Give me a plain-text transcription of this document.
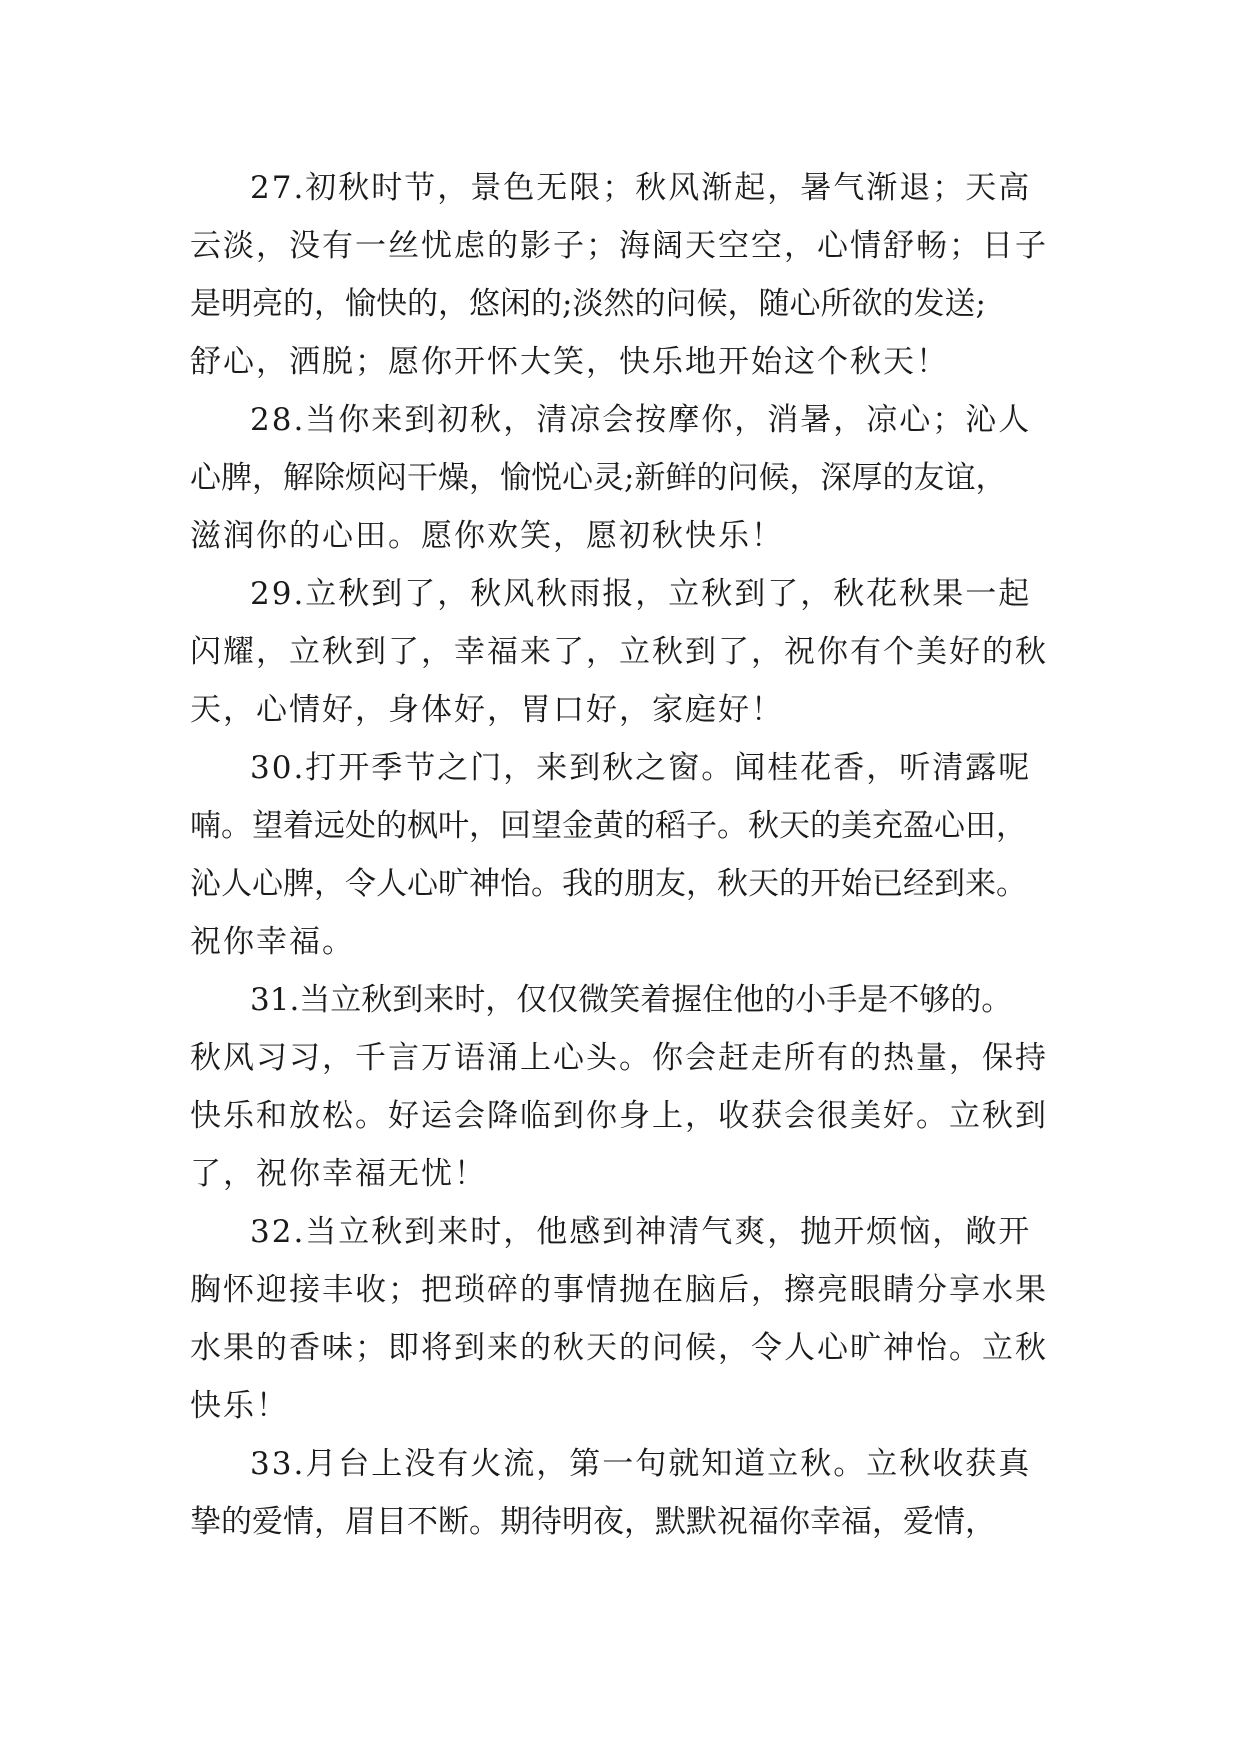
27.初秋时节，景色无限；秋风渐起，暑气渐退；天高
云淡，没有一丝忧虑的影子；海阔天空空，心情舒畅；日子
是明亮的，愉快的，悠闲的;淡然的问候，随心所欲的发送;
舒心，洒脱；愿你开怀大笑，快乐地开始这个秋天！

28.当你来到初秋，清凉会按摩你，消暑，凉心；沁人
心脾，解除烦闷干燥，愉悦心灵;新鲜的问候，深厚的友谊，
滋润你的心田。愿你欢笑，愿初秋快乐！

29.立秋到了，秋风秋雨报，立秋到了，秋花秋果一起
闪耀，立秋到了，幸福来了，立秋到了，祝你有个美好的秋
天，心情好，身体好，胃口好，家庭好！

30.打开季节之门，来到秋之窗。闻桂花香，听清露呢
喃。望着远处的枫叶，回望金黄的稻子。秋天的美充盈心田，
沁人心脾，令人心旷神怡。我的朋友，秋天的开始已经到来。
祝你幸福。

31.当立秋到来时，仅仅微笑着握住他的小手是不够的。
秋风习习，千言万语涌上心头。你会赶走所有的热量，保持
快乐和放松。好运会降临到你身上，收获会很美好。立秋到
了，祝你幸福无忧！

32.当立秋到来时，他感到神清气爽，抛开烦恼，敞开
胸怀迎接丰收；把琐碎的事情抛在脑后，擦亮眼睛分享水果
水果的香味；即将到来的秋天的问候，令人心旷神怡。立秋
快乐！

33.月台上没有火流，第一句就知道立秋。立秋收获真
挚的爱情，眉目不断。期待明夜，默默祝福你幸福，爱情，
